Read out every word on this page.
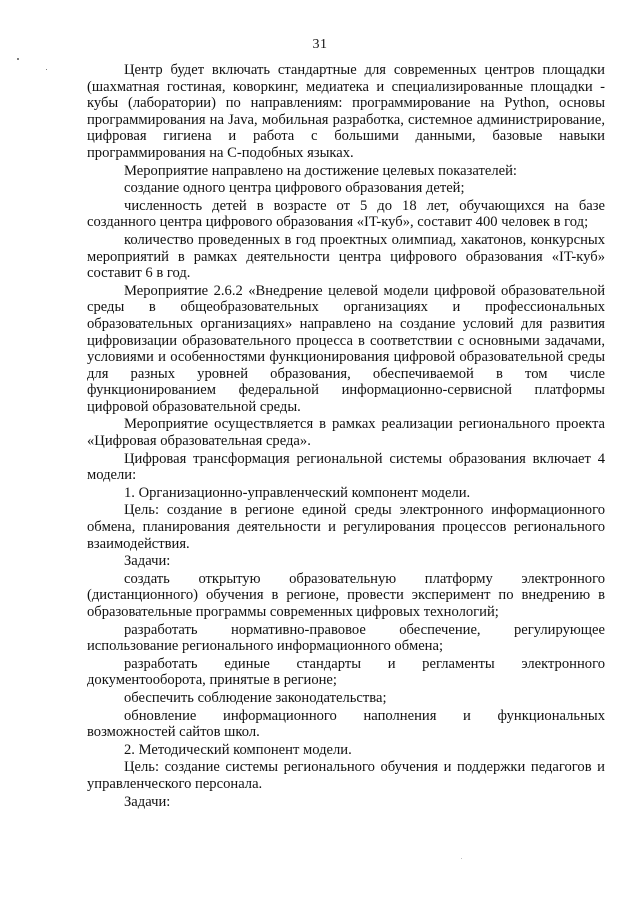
31

Центр будет включать стандартные для современных центров площадки (шахматная гостиная, коворкинг, медиатека и специализированные площадки - кубы (лаборатории) по направлениям: программирование на Python, основы программирования на Java, мобильная разработка, системное администрирование, цифровая гигиена и работа с большими данными, базовые навыки программирования на С-подобных языках.

Мероприятие направлено на достижение целевых показателей:

создание одного центра цифрового образования детей;

численность детей в возрасте от 5 до 18 лет, обучающихся на базе созданного центра цифрового образования «IT-куб», составит 400 человек в год;

количество проведенных в год проектных олимпиад, хакатонов, конкурсных мероприятий в рамках деятельности центра цифрового образования «IT-куб» составит 6 в год.

Мероприятие 2.6.2 «Внедрение целевой модели цифровой образовательной среды в общеобразовательных организациях и профессиональных образовательных организациях» направлено на создание условий для развития цифровизации образовательного процесса в соответствии с основными задачами, условиями и особенностями функционирования цифровой образовательной среды для разных уровней образования, обеспечиваемой в том числе функционированием федеральной информационно-сервисной платформы цифровой образовательной среды.

Мероприятие осуществляется в рамках реализации регионального проекта «Цифровая образовательная среда».

Цифровая трансформация региональной системы образования включает 4 модели:

1. Организационно-управленческий компонент модели.

Цель: создание в регионе единой среды электронного информационного обмена, планирования деятельности и регулирования процессов регионального взаимодействия.

Задачи:

создать открытую образовательную платформу электронного (дистанционного) обучения в регионе, провести эксперимент по внедрению в образовательные программы современных цифровых технологий;

разработать нормативно-правовое обеспечение, регулирующее использование регионального информационного обмена;

разработать единые стандарты и регламенты электронного документооборота, принятые в регионе;

обеспечить соблюдение законодательства;

обновление информационного наполнения и функциональных возможностей сайтов школ.

2. Методический компонент модели.

Цель: создание системы регионального обучения и поддержки педагогов и управленческого персонала.

Задачи:
